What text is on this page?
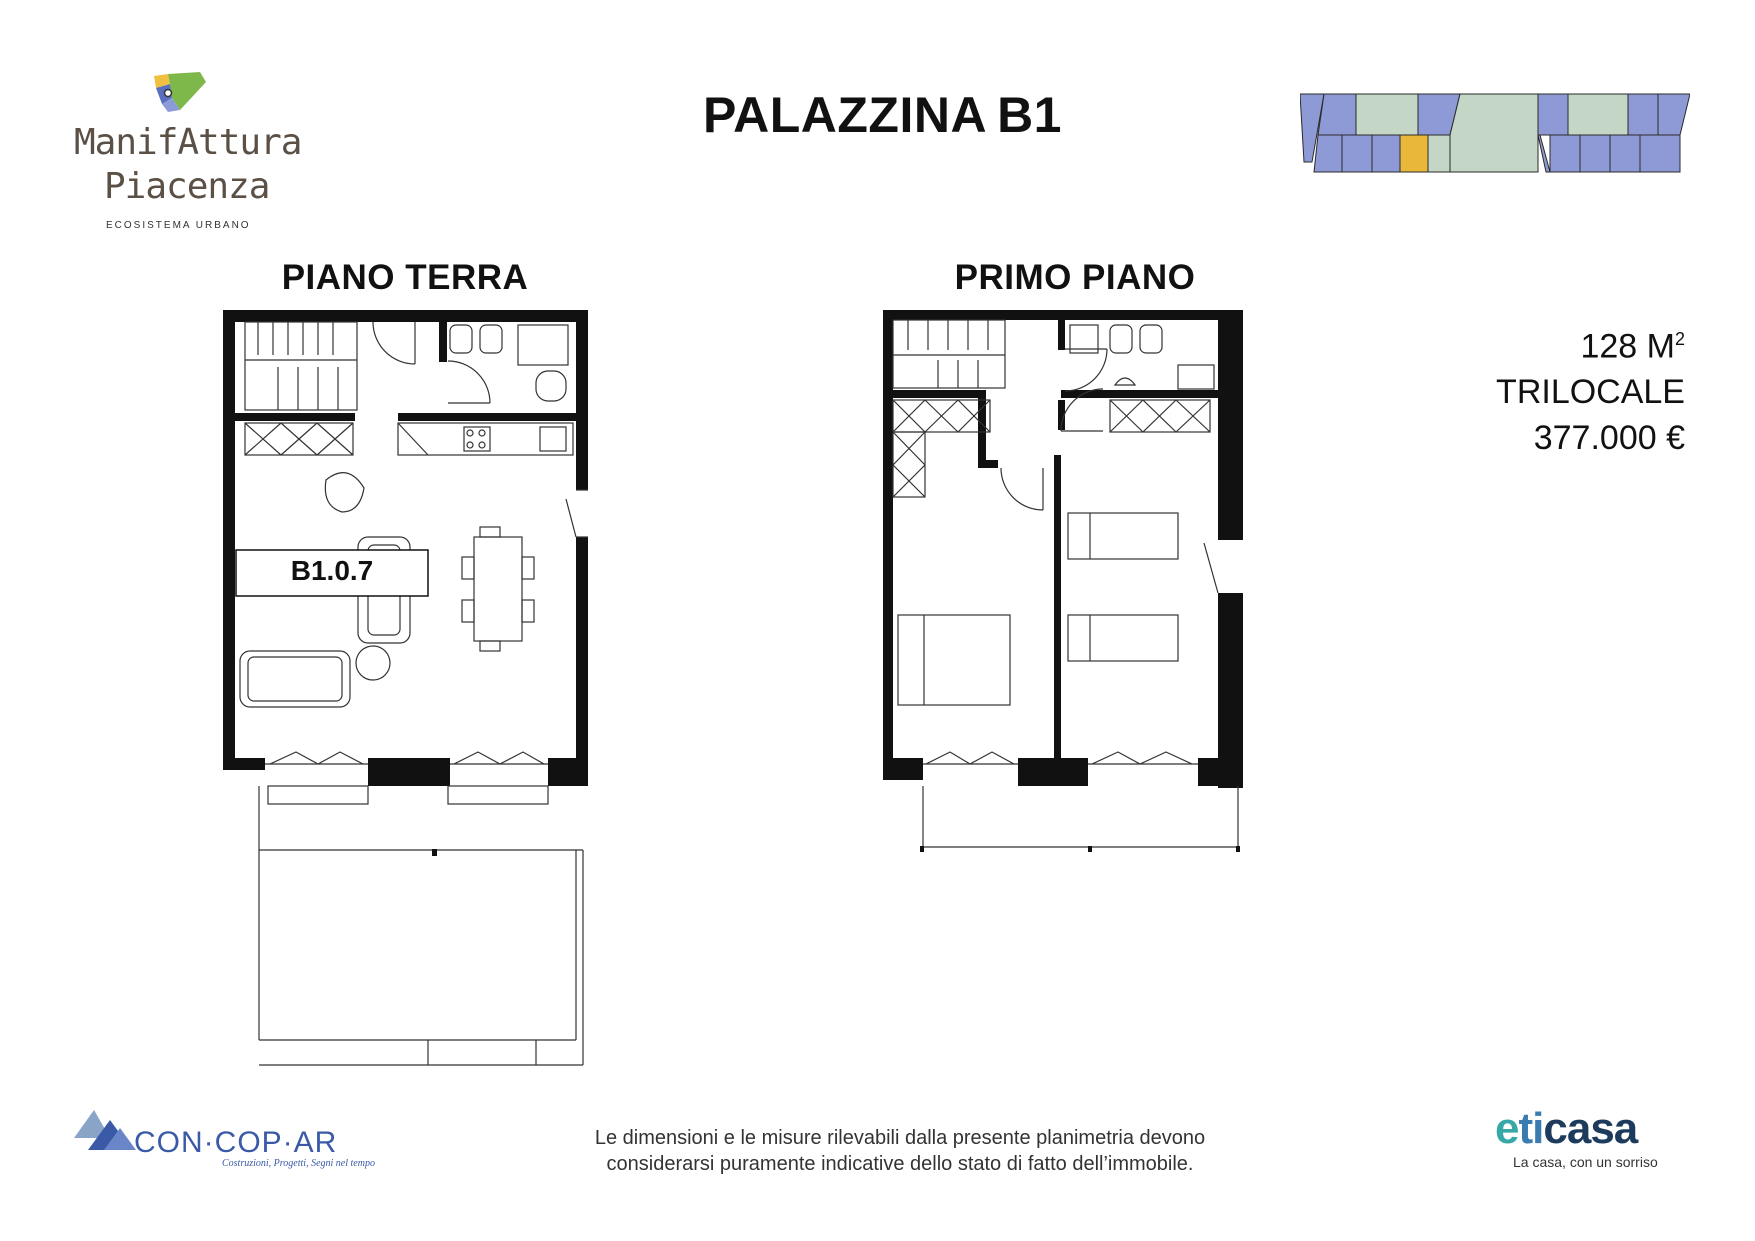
ManifAttura
Piacenza
ECOSISTEMA URBANO
PALAZZINA B1
PIANO TERRA	PRIMO PIANO
128 $M^2$
TRILOCALE
377.000 €
B1.0.7
CON·COP·AR
Costruzioni, Progetti, Segni nel tempo
Le dimensioni e le misure rilevabili dalla presente planimetria devono
considerarsi puramente indicative dello stato di fatto dell’immobile.
eticasa
La casa, con un sorriso
